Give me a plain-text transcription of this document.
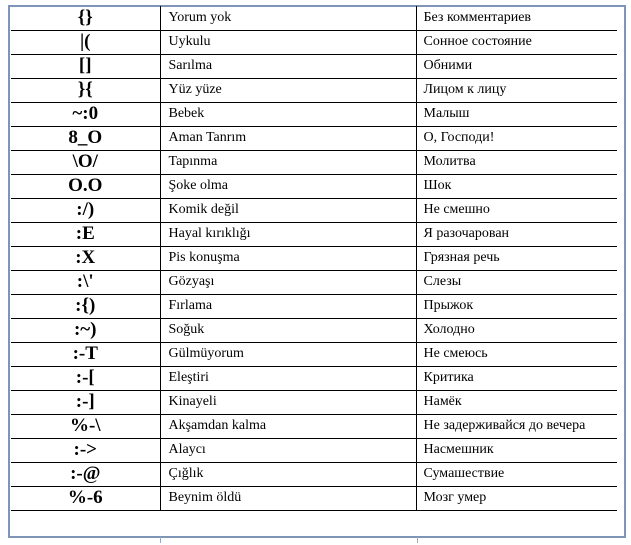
{}	Yorum yok	Без комментариев
|(	Uykulu	Сонное состояние
[]	Sarılma	Обними
}{	Yüz yüze	Лицом к лицу
~:0	Bebek	Малыш
8_O	Aman Tanrım	О, Господи!
\O/	Tapınma	Молитва
O.O	Şoke olma	Шок
:/)	Komik değil	Не смешно
:E	Hayal kırıklığı	Я разочарован
:X	Pis konuşma	Грязная речь
:\'	Gözyaşı	Слезы
:{)	Fırlama	Прыжок
:~)	Soğuk	Холодно
:-T	Gülmüyorum	Не смеюсь
:-[	Eleştiri	Критика
:-]	Kinayeli	Намёк
%-\	Akşamdan kalma	Не задерживайся до вечера
:->	Alaycı	Насмешник
:-@	Çığlık	Сумашествие
%-6	Beynim öldü	Мозг умер
